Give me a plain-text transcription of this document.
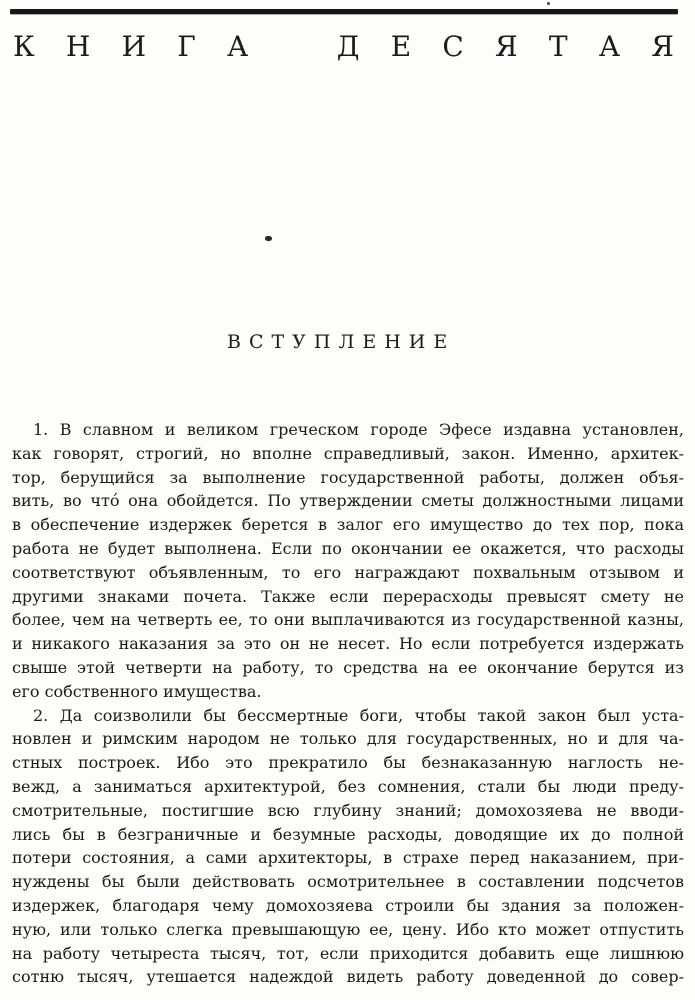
К Н И Г А	Д Е С Я Т А Я
ВСТУПЛЕНИЕ
1. В славном и великом греческом городе Эфесе издавна установлен,
как говорят, строгий, но вполне справедливый, закон. Именно, архитек-
тор, берущийся за выполнение государственной работы, должен объя-
вить, во что́ она обойдется. По утверждении сметы должностными лицами
в обеспечение издержек берется в залог его имущество до тех пор, пока
работа не будет выполнена. Если по окончании ее окажется, что расходы
соответствуют объявленным, то его награждают похвальным отзывом и
другими знаками почета. Также если перерасходы превысят смету не
более, чем на четверть ее, то они выплачиваются из государственной казны,
и никакого наказания за это он не несет. Но если потребуется издержать
свыше этой четверти на работу, то средства на ее окончание берутся из
его собственного имущества.
2. Да соизволили бы бессмертные боги, чтобы такой закон был уста-
новлен и римским народом не только для государственных, но и для ча-
стных построек. Ибо это прекратило бы безнаказанную наглость не-
вежд, а заниматься архитектурой, без сомнения, стали бы люди преду-
смотрительные, постигшие всю глубину знаний; домохозяева не вводи-
лись бы в безграничные и безумные расходы, доводящие их до полной
потери состояния, а сами архитекторы, в страхе перед наказанием, при-
нуждены бы были действовать осмотрительнее в составлении подсчетов
издержек, благодаря чему домохозяева строили бы здания за положен-
ную, или только слегка превышающую ее, цену. Ибо кто может отпустить
на работу четыреста тысяч, тот, если приходится добавить еще лишнюю
сотню тысяч, утешается надеждой видеть работу доведенной до совер-
